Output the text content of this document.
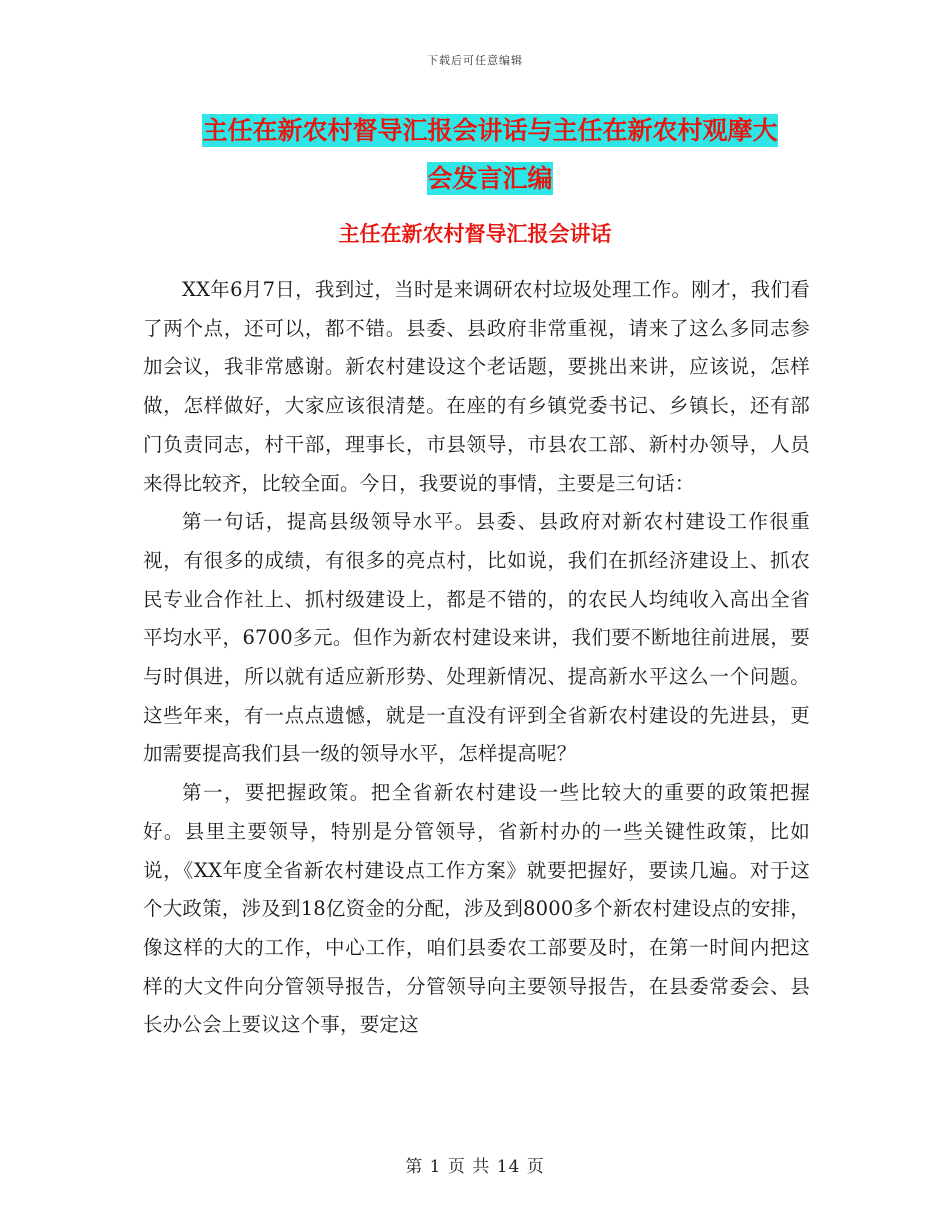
下载后可任意编辑
主任在新农村督导汇报会讲话与主任在新农村观摩大
会发言汇编
主任在新农村督导汇报会讲话

XX年6月7日，我到过，当时是来调研农村垃圾处理工作。刚才，我们看了两个点，还可以，都不错。县委、县政府非常重视，请来了这么多同志参加会议，我非常感谢。新农村建设这个老话题，要挑出来讲，应该说，怎样做，怎样做好，大家应该很清楚。在座的有乡镇党委书记、乡镇长，还有部门负责同志，村干部，理事长，市县领导，市县农工部、新村办领导，人员来得比较齐，比较全面。今日，我要说的事情，主要是三句话：

第一句话，提高县级领导水平。县委、县政府对新农村建设工作很重视，有很多的成绩，有很多的亮点村，比如说，我们在抓经济建设上、抓农民专业合作社上、抓村级建设上，都是不错的，的农民人均纯收入高出全省平均水平，6700多元。但作为新农村建设来讲，我们要不断地往前进展，要与时俱进，所以就有适应新形势、处理新情况、提高新水平这么一个问题。这些年来，有一点点遗憾，就是一直没有评到全省新农村建设的先进县，更加需要提高我们县一级的领导水平，怎样提高呢？

第一，要把握政策。把全省新农村建设一些比较大的重要的政策把握好。县里主要领导，特别是分管领导，省新村办的一些关键性政策，比如说，《XX年度全省新农村建设点工作方案》就要把握好，要读几遍。对于这个大政策，涉及到18亿资金的分配，涉及到8000多个新农村建设点的安排，像这样的大的工作，中心工作，咱们县委农工部要及时，在第一时间内把这样的大文件向分管领导报告，分管领导向主要领导报告，在县委常委会、县长办公会上要议这个事，要定这

第 1 页 共 14 页
